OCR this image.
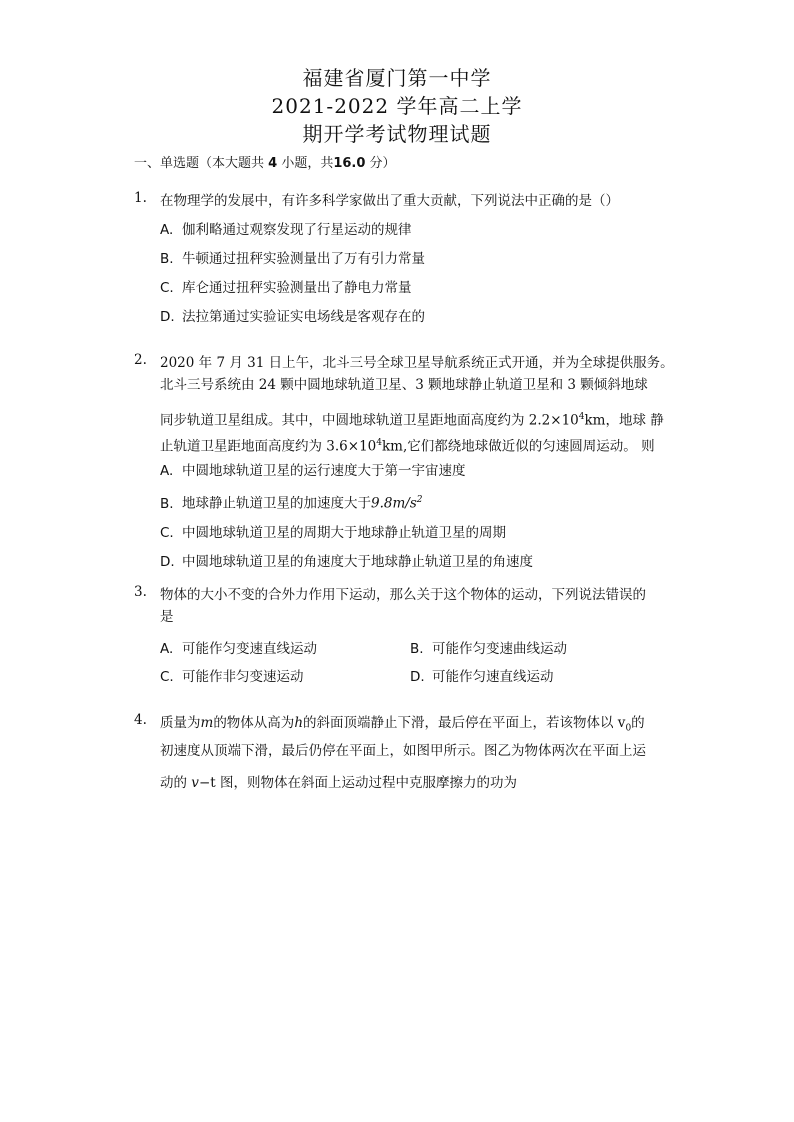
福建省厦门第一中学
2021-2022 学年高二上学
期开学考试物理试题
一、单选题（本大题共 4 小题，共16.0 分）
1. 在物理学的发展中，有许多科学家做出了重大贡献，下列说法中正确的是（）
A. 伽利略通过观察发现了行星运动的规律
B. 牛顿通过扭秤实验测量出了万有引力常量
C. 库仑通过扭秤实验测量出了静电力常量
D. 法拉第通过实验证实电场线是客观存在的
2. 2020 年 7 月 31 日上午，北斗三号全球卫星导航系统正式开通，并为全球提供服务。
北斗三号系统由 24 颗中圆地球轨道卫星、3 颗地球静止轨道卫星和 3 颗倾斜地球
同步轨道卫星组成。其中，中圆地球轨道卫星距地面高度约为 $2.2\times 10^4km$，地球 静
止轨道卫星距地面高度约为 $3.6\times 10^4km$,它们都绕地球做近似的匀速圆周运动。 则
A. 中圆地球轨道卫星的运行速度大于第一宇宙速度
B. 地球静止轨道卫星的加速度大于$9.8m/s^2$
C. 中圆地球轨道卫星的周期大于地球静止轨道卫星的周期
D. 中圆地球轨道卫星的角速度大于地球静止轨道卫星的角速度
3. 物体的大小不变的合外力作用下运动，那么关于这个物体的运动，下列说法错误的
是
A. 可能作匀变速直线运动	B. 可能作匀变速曲线运动
C. 可能作非匀变速运动	D. 可能作匀速直线运动
4. 质量为m的物体从高为h的斜面顶端静止下滑，最后停在平面上，若该物体以 $v_0$的
初速度从顶端下滑，最后仍停在平面上，如图甲所示。图乙为物体两次在平面上运
动的 v−t 图，则物体在斜面上运动过程中克服摩擦力的功为
